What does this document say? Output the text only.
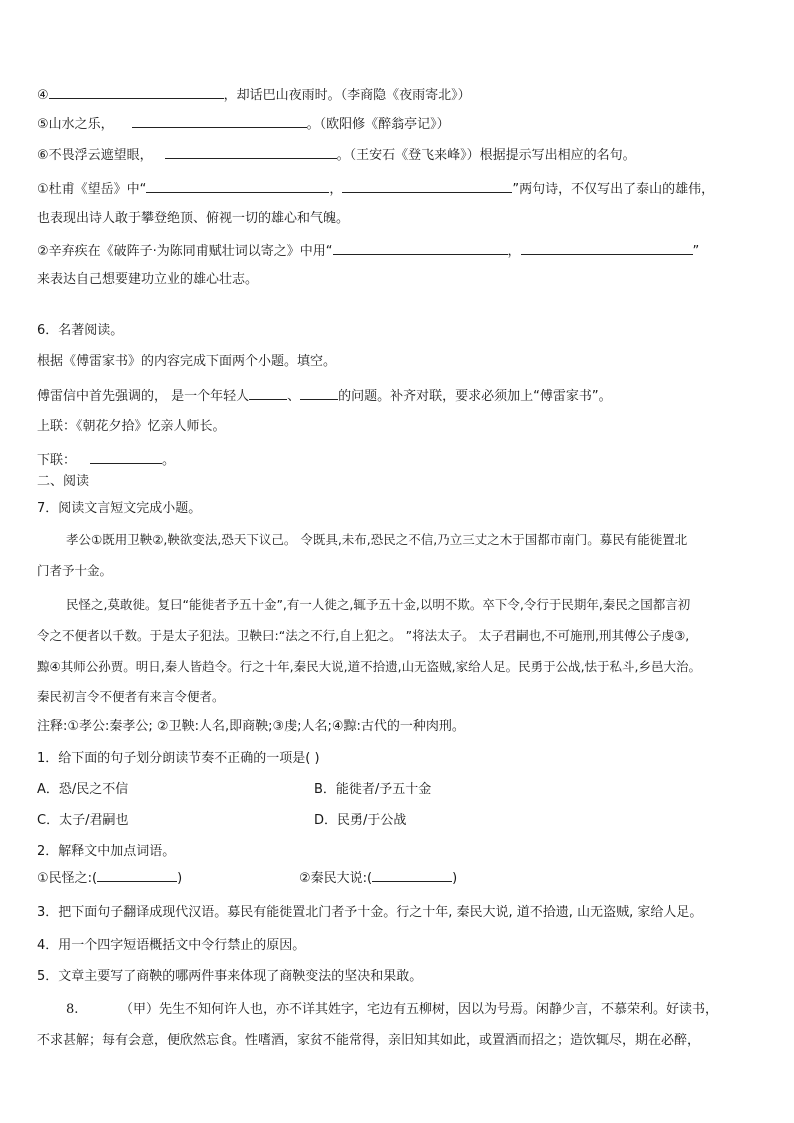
④	，却话巴山夜雨时。（李商隐《夜雨寄北》）
⑤山水之乐，	。（欧阳修《醉翁亭记》）
⑥不畏浮云遮望眼，	。（王安石《登飞来峰》）根据提示写出相应的名句。
①杜甫《望岳》中“	，	”两句诗，不仅写出了泰山的雄伟，
也表现出诗人敢于攀登绝顶、俯视一切的雄心和气魄。
②辛弃疾在《破阵子·为陈同甫赋壮词以寄之》中用“	，	”
来表达自己想要建功立业的雄心壮志。
6．名著阅读。
根据《傅雷家书》的内容完成下面两个小题。填空。
傅雷信中首先强调的， 是一个年轻人	、	的问题。补齐对联，要求必须加上“傅雷家书”。
上联：《朝花夕拾》忆亲人师长。
下联：	。
二、阅读
7．阅读文言短文完成小题。
孝公①既用卫鞅②,鞅欲变法,恐天下议己。 令既具,未布,恐民之不信,乃立三丈之木于国都市南门。募民有能徙置北
门者予十金。
民怪之,莫敢徙。复曰“能徙者予五十金”,有一人徙之,辄予五十金,以明不欺。卒下令,令行于民期年,秦民之国都言初
令之不便者以千数。于是太子犯法。卫鞅曰:“法之不行,自上犯之。 ”将法太子。 太子君嗣也,不可施刑,刑其傅公子虔③,
黥④其师公孙贾。明日,秦人皆趋令。行之十年,秦民大说,道不拾遗,山无盗贼,家给人足。民勇于公战,怯于私斗,乡邑大治。
秦民初言令不便者有来言令便者。
注释:①孝公:秦孝公; ②卫鞅:人名,即商鞅;③虔;人名;④黥:古代的一种肉刑。
1．给下面的句子划分朗读节奏不正确的一项是( )
A．恐/民之不信	B．能徙者/予五十金
C．太子/君嗣也	D．民勇/于公战
2．解释文中加点词语。
①民怪之:(	)	②秦民大说:(	)
3．把下面句子翻译成现代汉语。募民有能徙置北门者予十金。行之十年, 秦民大说, 道不拾遗, 山无盗贼, 家给人足。
4．用一个四字短语概括文中令行禁止的原因。
5．文章主要写了商鞅的哪两件事来体现了商鞅变法的坚决和果敢。
8.	（甲）先生不知何许人也，亦不详其姓字，宅边有五柳树，因以为号焉。闲静少言，不慕荣利。好读书，
不求甚解；每有会意，便欣然忘食。性嗜酒，家贫不能常得，亲旧知其如此，或置酒而招之；造饮辄尽，期在必醉，
